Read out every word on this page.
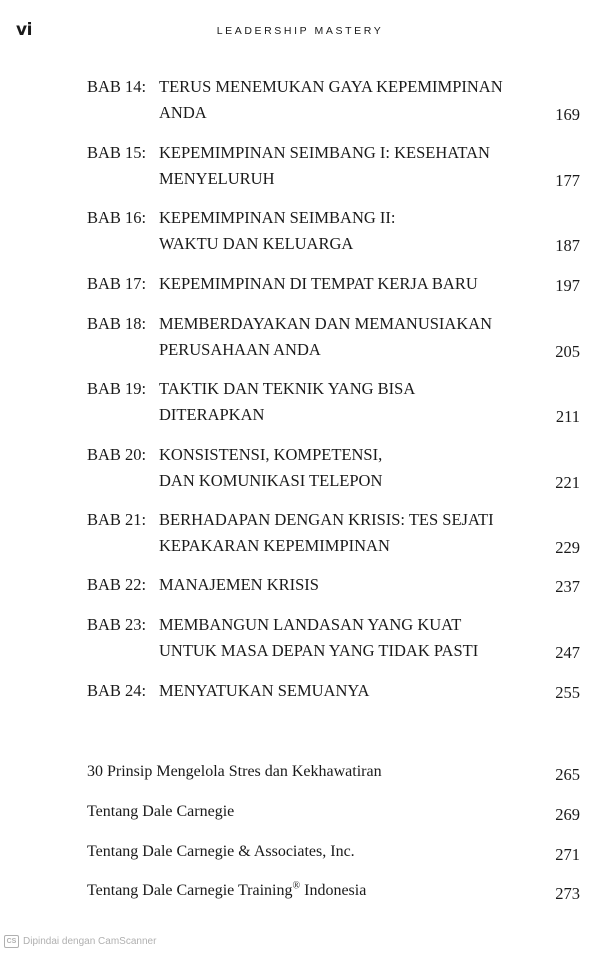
vi	LEADERSHIP MASTERY
BAB 14: TERUS MENEMUKAN GAYA KEPEMIMPINAN
ANDA	169
BAB 15: KEPEMIMPINAN SEIMBANG I: KESEHATAN
MENYELURUH	177
BAB 16: KEPEMIMPINAN SEIMBANG II:
WAKTU DAN KELUARGA	187
BAB 17: KEPEMIMPINAN DI TEMPAT KERJA BARU	197
BAB 18: MEMBERDAYAKAN DAN MEMANUSIAKAN
PERUSAHAAN ANDA	205
BAB 19: TAKTIK DAN TEKNIK YANG BISA
DITERAPKAN	211
BAB 20: KONSISTENSI, KOMPETENSI,
DAN KOMUNIKASI TELEPON	221
BAB 21: BERHADAPAN DENGAN KRISIS: TES SEJATI
KEPAKARAN KEPEMIMPINAN	229
BAB 22: MANAJEMEN KRISIS	237
BAB 23: MEMBANGUN LANDASAN YANG KUAT
UNTUK MASA DEPAN YANG TIDAK PASTI	247
BAB 24: MENYATUKAN SEMUANYA	255
30 Prinsip Mengelola Stres dan Kekhawatiran	265
Tentang Dale Carnegie	269
Tentang Dale Carnegie & Associates, Inc.	271
Tentang Dale Carnegie Training® Indonesia	273
CS Dipindai dengan CamScanner
